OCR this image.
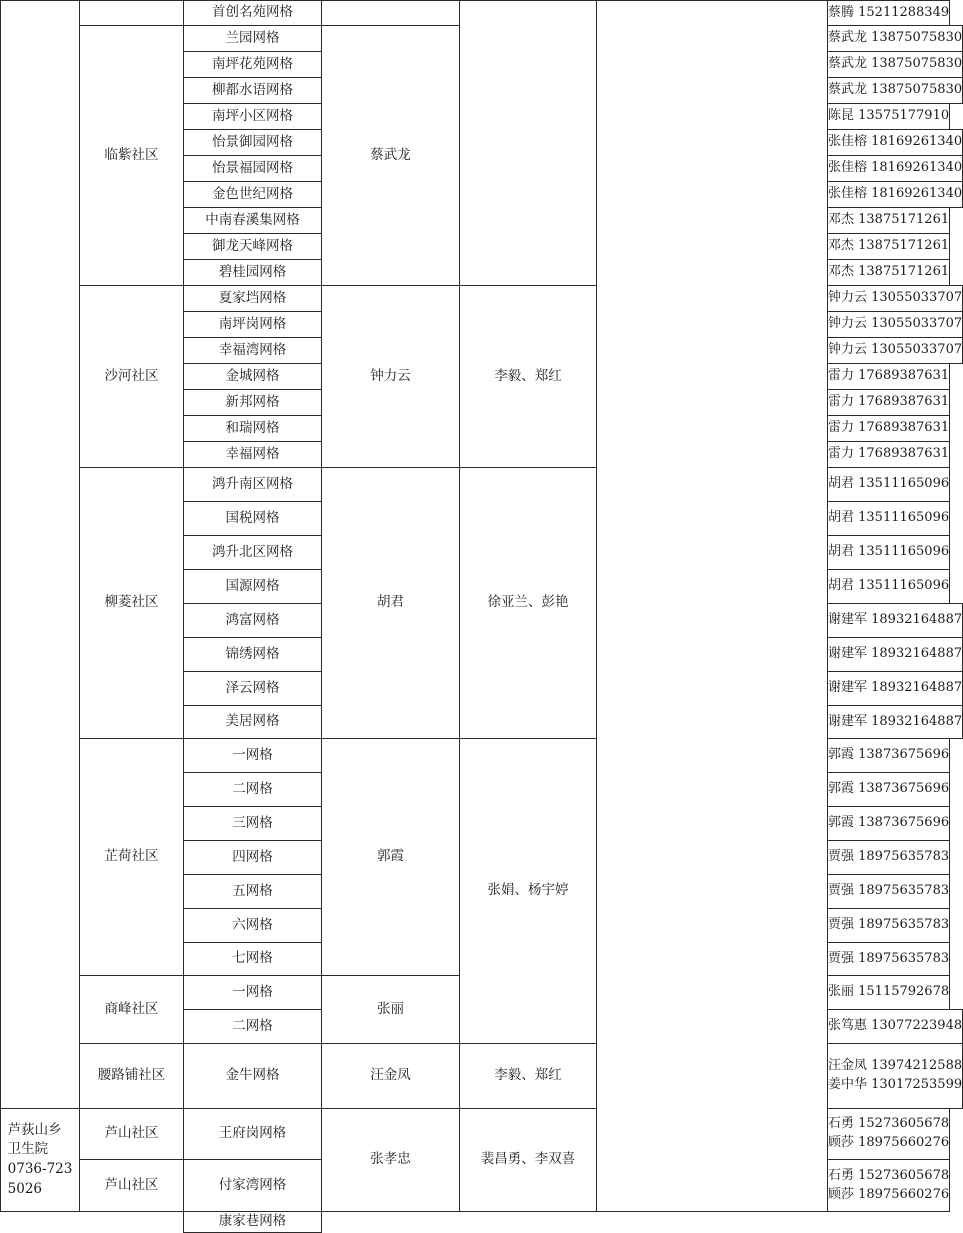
芦荻山乡
卫生院
0736-723
5026
临紫社区
沙河社区
柳菱社区
芷荷社区
商峰社区
腰路铺社区
芦山社区
芦山社区
首创名苑网格
兰园网格
南坪花苑网格
柳都水语网格
南坪小区网格
怡景御园网格
怡景福园网格
金色世纪网格
中南春溪集网格
御龙天峰网格
碧桂园网格
夏家垱网格
南坪岗网格
幸福湾网格
金城网格
新邦网格
和瑞网格
幸福网格
鸿升南区网格
国税网格
鸿升北区网格
国源网格
鸿富网格
锦绣网格
泽云网格
美居网格
一网格
二网格
三网格
四网格
五网格
六网格
七网格
一网格
二网格
金牛网格
王府岗网格
付家湾网格
康家巷网格
蔡武龙
钟力云
胡君
郭霞
张丽
汪金凤
张孝忠
李毅、郑红
徐亚兰、彭艳
张娟、杨宇婷
李毅、郑红
裴昌勇、李双喜
蔡腾 15211288349
蔡武龙 13875075830
蔡武龙 13875075830
蔡武龙 13875075830
陈昆 13575177910
张佳榕 18169261340
张佳榕 18169261340
张佳榕 18169261340
邓杰 13875171261
邓杰 13875171261
邓杰 13875171261
钟力云 13055033707
钟力云 13055033707
钟力云 13055033707
雷力 17689387631
雷力 17689387631
雷力 17689387631
雷力 17689387631
胡君 13511165096
胡君 13511165096
胡君 13511165096
胡君 13511165096
谢建军 18932164887
谢建军 18932164887
谢建军 18932164887
谢建军 18932164887
郭霞 13873675696
郭霞 13873675696
郭霞 13873675696
贾强 18975635783
贾强 18975635783
贾强 18975635783
贾强 18975635783
张丽 15115792678
张笃惠 13077223948
汪金凤 13974212588
姜中华 13017253599
石勇 15273605678
顾莎 18975660276
石勇 15273605678
顾莎 18975660276
